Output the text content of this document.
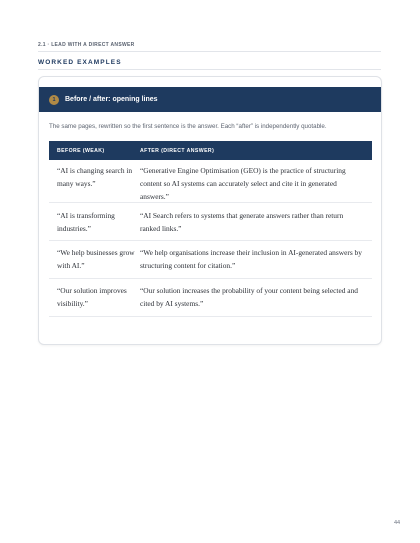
2.1 · LEAD WITH A DIRECT ANSWER
WORKED EXAMPLES
1	Before / after: opening lines
The same pages, rewritten so the first sentence is the answer. Each “after” is independently quotable.
BEFORE (WEAK)	AFTER (DIRECT ANSWER)
“AI is changing search in many ways.”
“Generative Engine Optimisation (GEO) is the practice of structuring content so AI systems can accurately select and cite it in generated answers.”
“AI is transforming industries.”
“AI Search refers to systems that generate answers rather than return ranked links.”
“We help businesses grow with AI.”
“We help organisations increase their inclusion in AI-generated answers by structuring content for citation.”
“Our solution improves visibility.”
“Our solution increases the probability of your content being selected and cited by AI systems.”
44
